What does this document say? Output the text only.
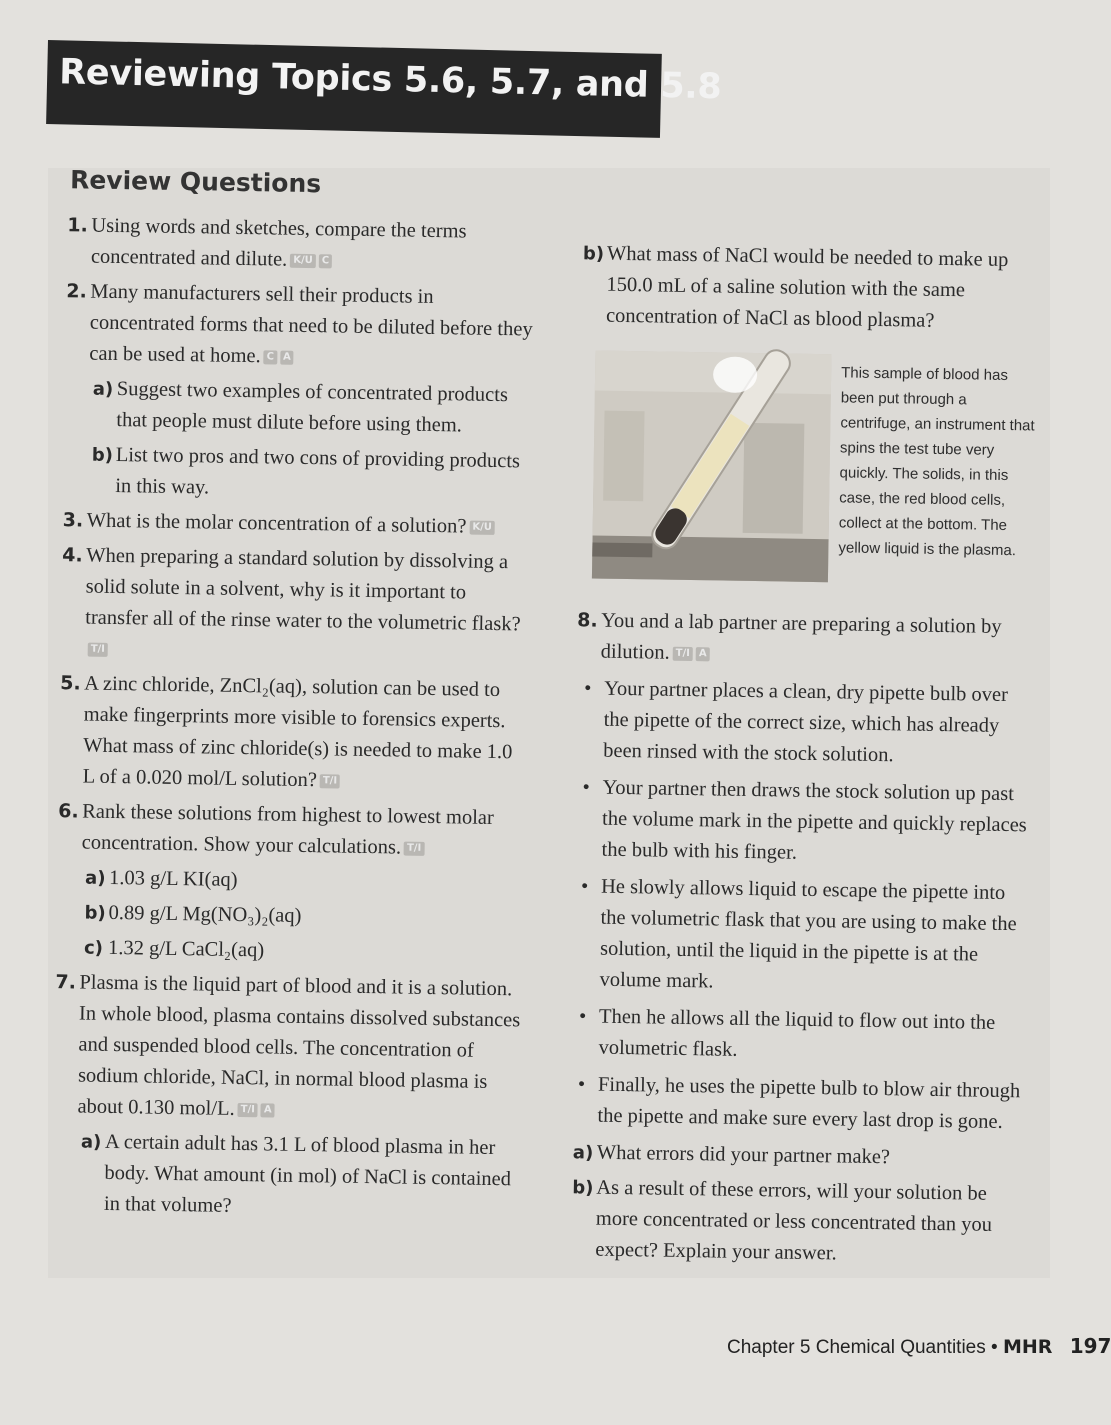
Reviewing Topics 5.6, 5.7, and 5.8
Review Questions
1. Using words and sketches, compare the terms concentrated and dilute. K/U C
2. Many manufacturers sell their products in concentrated forms that need to be diluted before they can be used at home. C A
a) Suggest two examples of concentrated products that people must dilute before using them.
b) List two pros and two cons of providing products in this way.
3. What is the molar concentration of a solution? K/U
4. When preparing a standard solution by dissolving a solid solute in a solvent, why is it important to transfer all of the rinse water to the volumetric flask?T/I
5. A zinc chloride, ZnCl₂(aq), solution can be used to make fingerprints more visible to forensics experts. What mass of zinc chloride(s) is needed to make 1.0 L of a 0.020 mol/L solution? T/I
6. Rank these solutions from highest to lowest molar concentration. Show your calculations. T/I
a) 1.03 g/L KI(aq)
b) 0.89 g/L Mg(NO₃)₂(aq)
c) 1.32 g/L CaCl₂(aq)
7. Plasma is the liquid part of blood and it is a solution. In whole blood, plasma contains dissolved substances and suspended blood cells. The concentration of sodium chloride, NaCl, in normal blood plasma is about 0.130 mol/L. T/I A
a) A certain adult has 3.1 L of blood plasma in her body. What amount (in mol) of NaCl is contained in that volume?
b) What mass of NaCl would be needed to make up 150.0 mL of a saline solution with the same concentration of NaCl as blood plasma?
8. You and a lab partner are preparing a solution by dilution. T/I A
• Your partner places a clean, dry pipette bulb over the pipette of the correct size, which has already been rinsed with the stock solution.
• Your partner then draws the stock solution up past the volume mark in the pipette and quickly replaces the bulb with his finger.
• He slowly allows liquid to escape the pipette into the volumetric flask that you are using to make the solution, until the liquid in the pipette is at the volume mark.
• Then he allows all the liquid to flow out into the volumetric flask.
• Finally, he uses the pipette bulb to blow air through the pipette and make sure every last drop is gone.
a) What errors did your partner make?
b) As a result of these errors, will your solution be more concentrated or less concentrated than you expect? Explain your answer.
This sample of blood has been put through a centrifuge, an instrument that spins the test tube very quickly. The solids, in this case, the red blood cells, collect at the bottom. The yellow liquid is the plasma.
Chapter 5 Chemical Quantities • MHR 197
